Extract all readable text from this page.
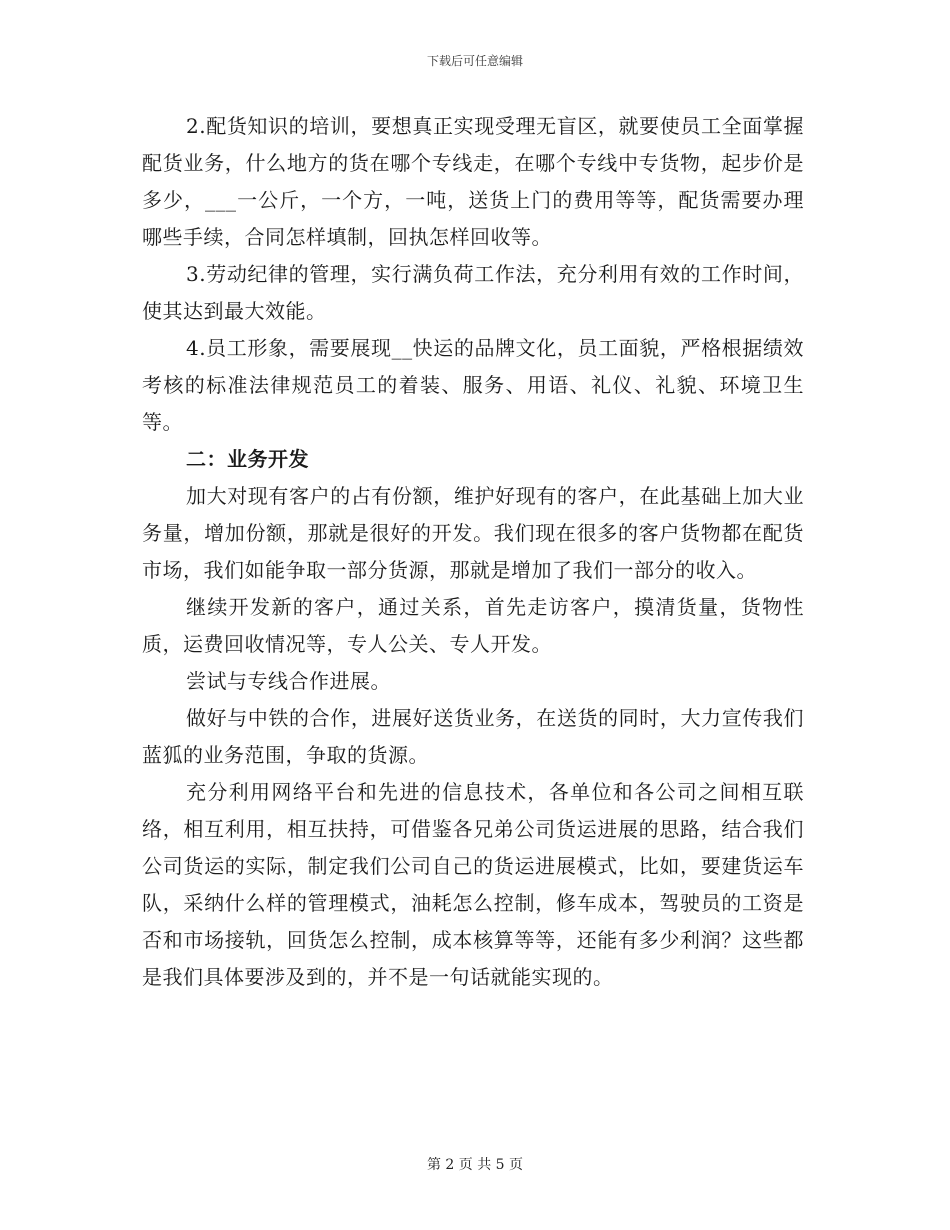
下载后可任意编辑

2.配货知识的培训，要想真正实现受理无盲区，就要使员工全面掌握配货业务，什么地方的货在哪个专线走，在哪个专线中专货物，起步价是多少，___一公斤，一个方，一吨，送货上门的费用等等，配货需要办理哪些手续，合同怎样填制，回执怎样回收等。

3.劳动纪律的管理，实行满负荷工作法，充分利用有效的工作时间，使其达到最大效能。

4.员工形象，需要展现__快运的品牌文化，员工面貌，严格根据绩效考核的标准法律规范员工的着装、服务、用语、礼仪、礼貌、环境卫生等。

二：业务开发

加大对现有客户的占有份额，维护好现有的客户，在此基础上加大业务量，增加份额，那就是很好的开发。我们现在很多的客户货物都在配货市场，我们如能争取一部分货源，那就是增加了我们一部分的收入。

继续开发新的客户，通过关系，首先走访客户，摸清货量，货物性质，运费回收情况等，专人公关、专人开发。

尝试与专线合作进展。

做好与中铁的合作，进展好送货业务，在送货的同时，大力宣传我们蓝狐的业务范围，争取的货源。

充分利用网络平台和先进的信息技术，各单位和各公司之间相互联络，相互利用，相互扶持，可借鉴各兄弟公司货运进展的思路，结合我们公司货运的实际，制定我们公司自己的货运进展模式，比如，要建货运车队，采纳什么样的管理模式，油耗怎么控制，修车成本，驾驶员的工资是否和市场接轨，回货怎么控制，成本核算等等，还能有多少利润？这些都是我们具体要涉及到的，并不是一句话就能实现的。

第 2 页 共 5 页
